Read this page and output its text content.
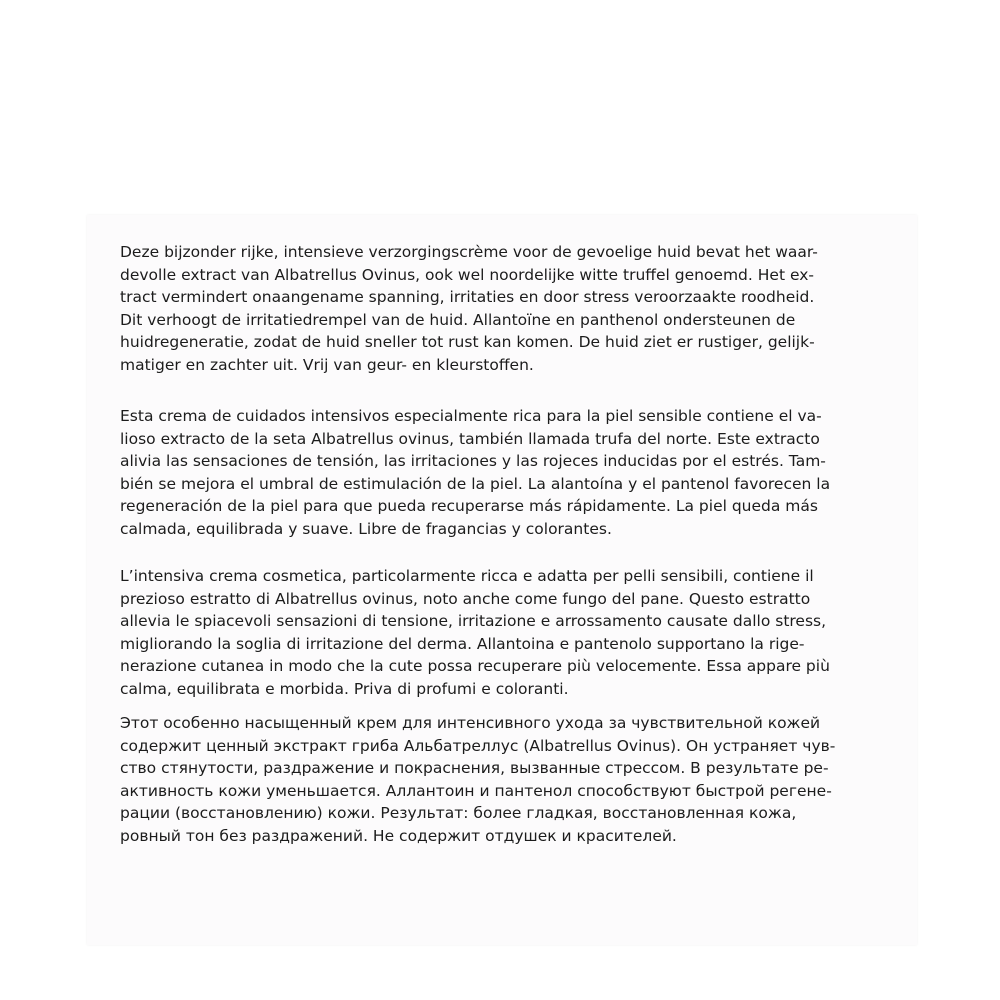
Deze bijzonder rijke, intensieve verzorgingscrème voor de gevoelige huid bevat het waar-
devolle extract van Albatrellus Ovinus, ook wel noordelijke witte truffel genoemd. Het ex-
tract vermindert onaangename spanning, irritaties en door stress veroorzaakte roodheid.
Dit verhoogt de irritatiedrempel van de huid. Allantoïne en panthenol ondersteunen de
huidregeneratie, zodat de huid sneller tot rust kan komen. De huid ziet er rustiger, gelijk-
matiger en zachter uit. Vrij van geur- en kleurstoffen.

Esta crema de cuidados intensivos especialmente rica para la piel sensible contiene el va-
lioso extracto de la seta Albatrellus ovinus, también llamada trufa del norte. Este extracto
alivia las sensaciones de tensión, las irritaciones y las rojeces inducidas por el estrés. Tam-
bién se mejora el umbral de estimulación de la piel. La alantoína y el pantenol favorecen la
regeneración de la piel para que pueda recuperarse más rápidamente. La piel queda más
calmada, equilibrada y suave. Libre de fragancias y colorantes.

L’intensiva crema cosmetica, particolarmente ricca e adatta per pelli sensibili, contiene il
prezioso estratto di Albatrellus ovinus, noto anche come fungo del pane. Questo estratto
allevia le spiacevoli sensazioni di tensione, irritazione e arrossamento causate dallo stress,
migliorando la soglia di irritazione del derma. Allantoina e pantenolo supportano la rige-
nerazione cutanea in modo che la cute possa recuperare più velocemente. Essa appare più
calma, equilibrata e morbida. Priva di profumi e coloranti.

Этот особенно насыщенный крем для интенсивного ухода за чувствительной кожей
содержит ценный экстракт гриба Альбатреллус (Albatrellus Ovinus). Он устраняет чув-
ство стянутости, раздражение и покраснения, вызванные стрессом. В результате ре-
активность кожи уменьшается. Аллантоин и пантенол способствуют быстрой регене-
рации (восстановлению) кожи. Результат: более гладкая, восстановленная кожа,
ровный тон без раздражений. Не содержит отдушек и красителей.
